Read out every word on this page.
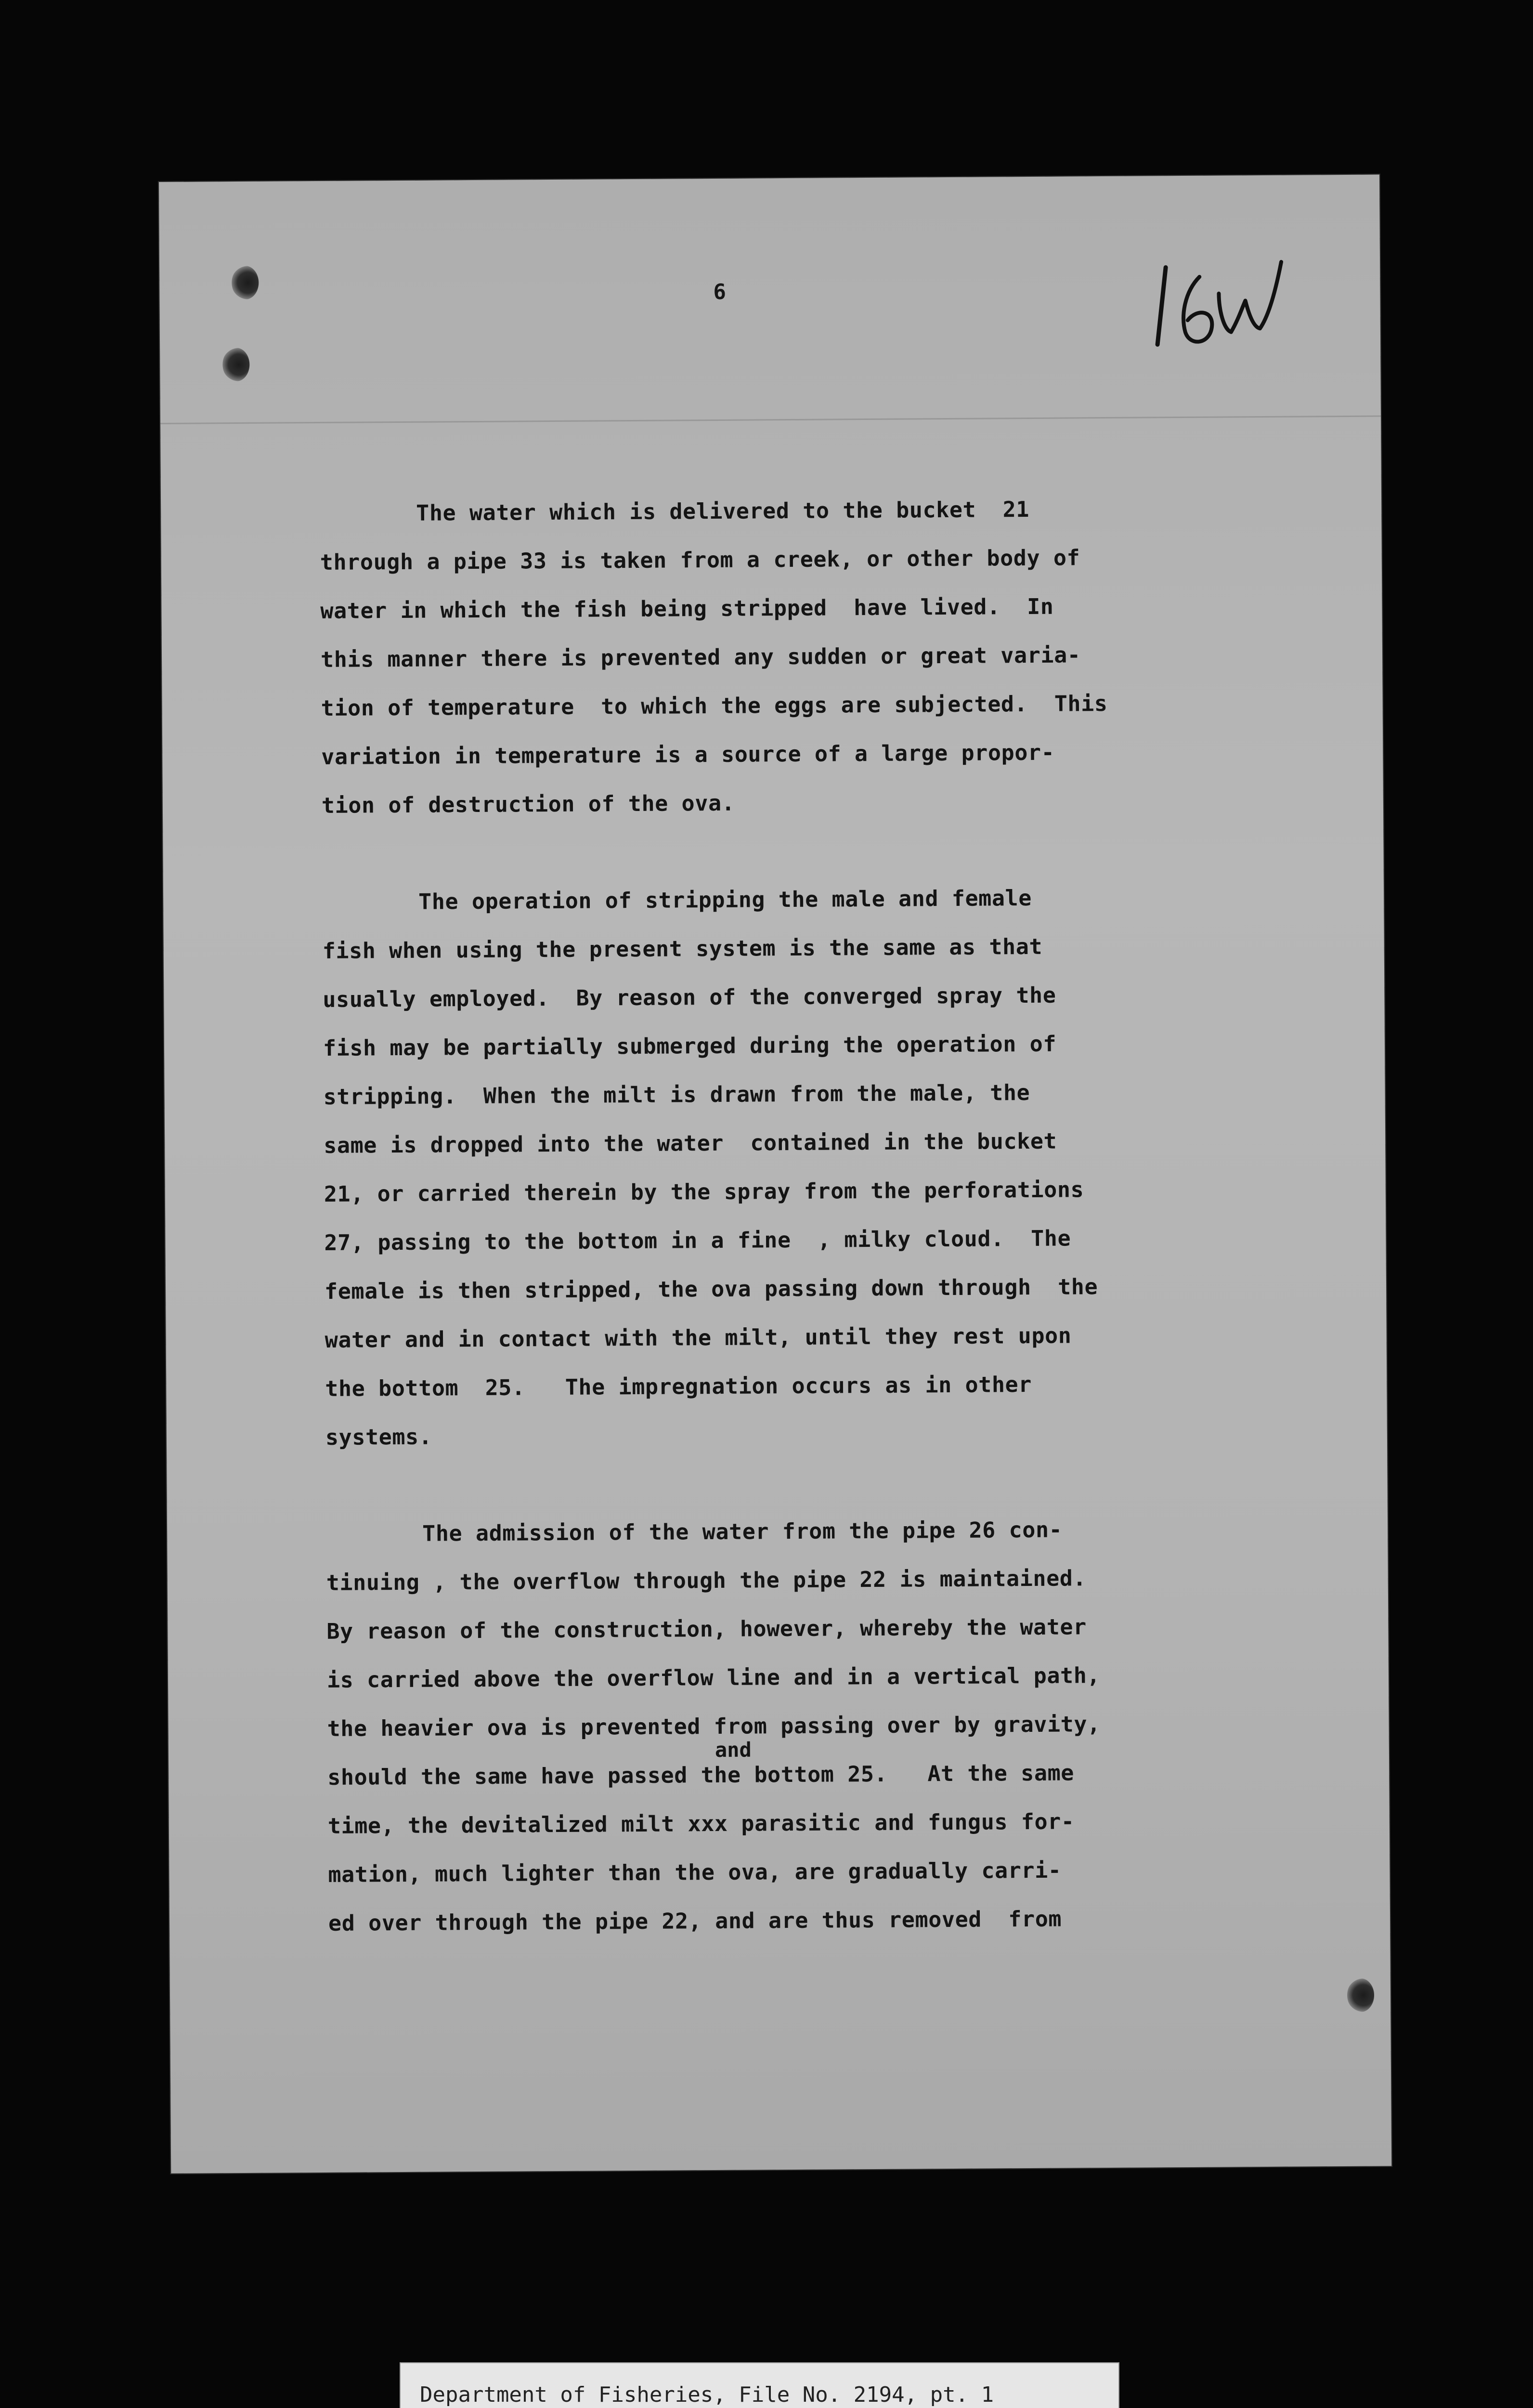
6
The water which is delivered to the bucket  21
through a pipe 33 is taken from a creek, or other body of
water in which the fish being stripped  have lived.  In
this manner there is prevented any sudden or great varia-
tion of temperature  to which the eggs are subjected.  This
variation in temperature is a source of a large propor-
tion of destruction of the ova.
The operation of stripping the male and female
fish when using the present system is the same as that
usually employed.  By reason of the converged spray the
fish may be partially submerged during the operation of
stripping.  When the milt is drawn from the male, the
same is dropped into the water  contained in the bucket
21, or carried therein by the spray from the perforations
27, passing to the bottom in a fine  , milky cloud.  The
female is then stripped, the ova passing down through  the
water and in contact with the milt, until they rest upon
the bottom  25.   The impregnation occurs as in other
systems.
The admission of the water from the pipe 26 con-
tinuing , the overflow through the pipe 22 is maintained.
By reason of the construction, however, whereby the water
is carried above the overflow line and in a vertical path,
the heavier ova is prevented from passing over by gravity,
should the same have passed the bottom 25.   At the same
time, the devitalized milt xxx parasitic and fungus for-
mation, much lighter than the ova, are gradually carri-
ed over through the pipe 22, and are thus removed  from
and
Department of Fisheries, File No. 2194, pt. 1
